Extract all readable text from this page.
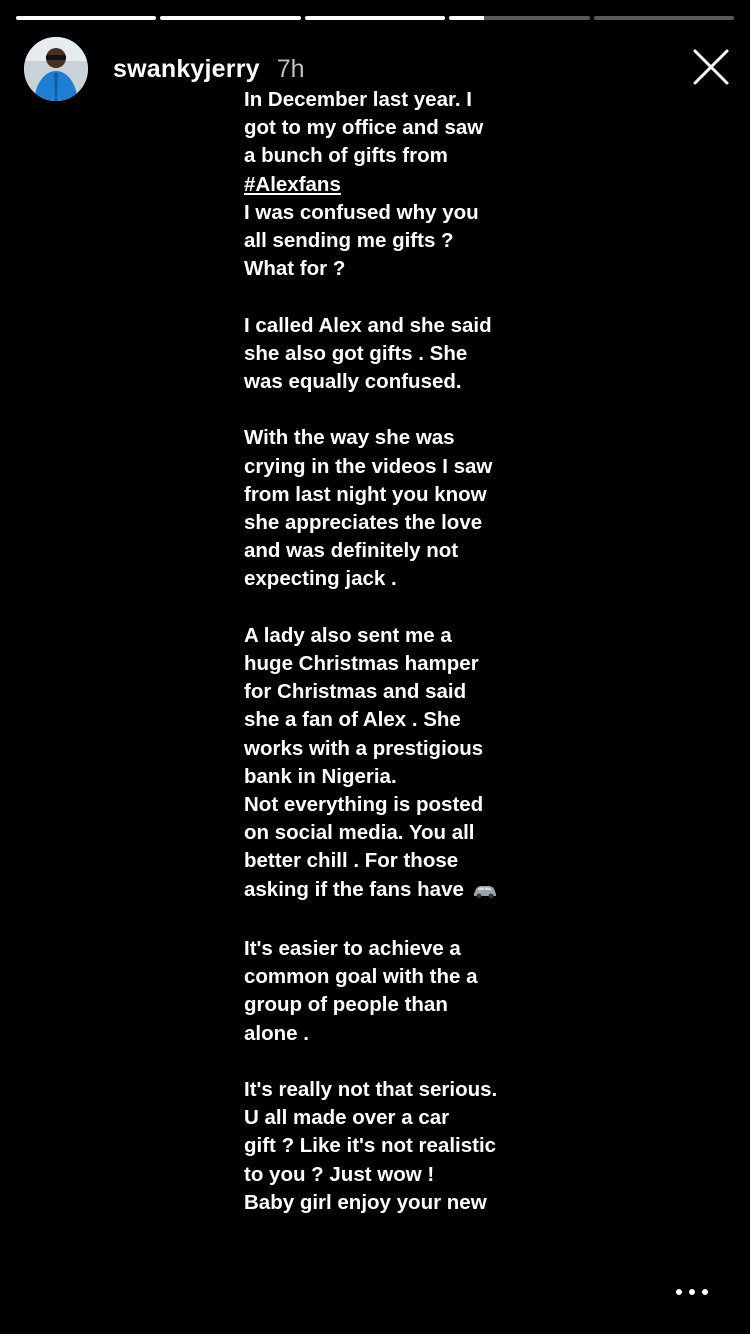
swankyjerry 7h
In December last year. I
got to my office and saw
a bunch of gifts from
#Alexfans
I was confused why you
all sending me gifts ?
What for ?
I called Alex and she said
she also got gifts . She
was equally confused.
With the way she was
crying in the videos I saw
from last night you know
she appreciates the love
and was definitely not
expecting jack .
A lady also sent me a
huge Christmas hamper
for Christmas and said
she a fan of Alex . She
works with a prestigious
bank in Nigeria.
Not everything is posted
on social media. You all
better chill . For those
asking if the fans have
It's easier to achieve a
common goal with the a
group of people than
alone .
It's really not that serious.
U all made over a car
gift ? Like it's not realistic
to you ? Just wow !
Baby girl enjoy your new
